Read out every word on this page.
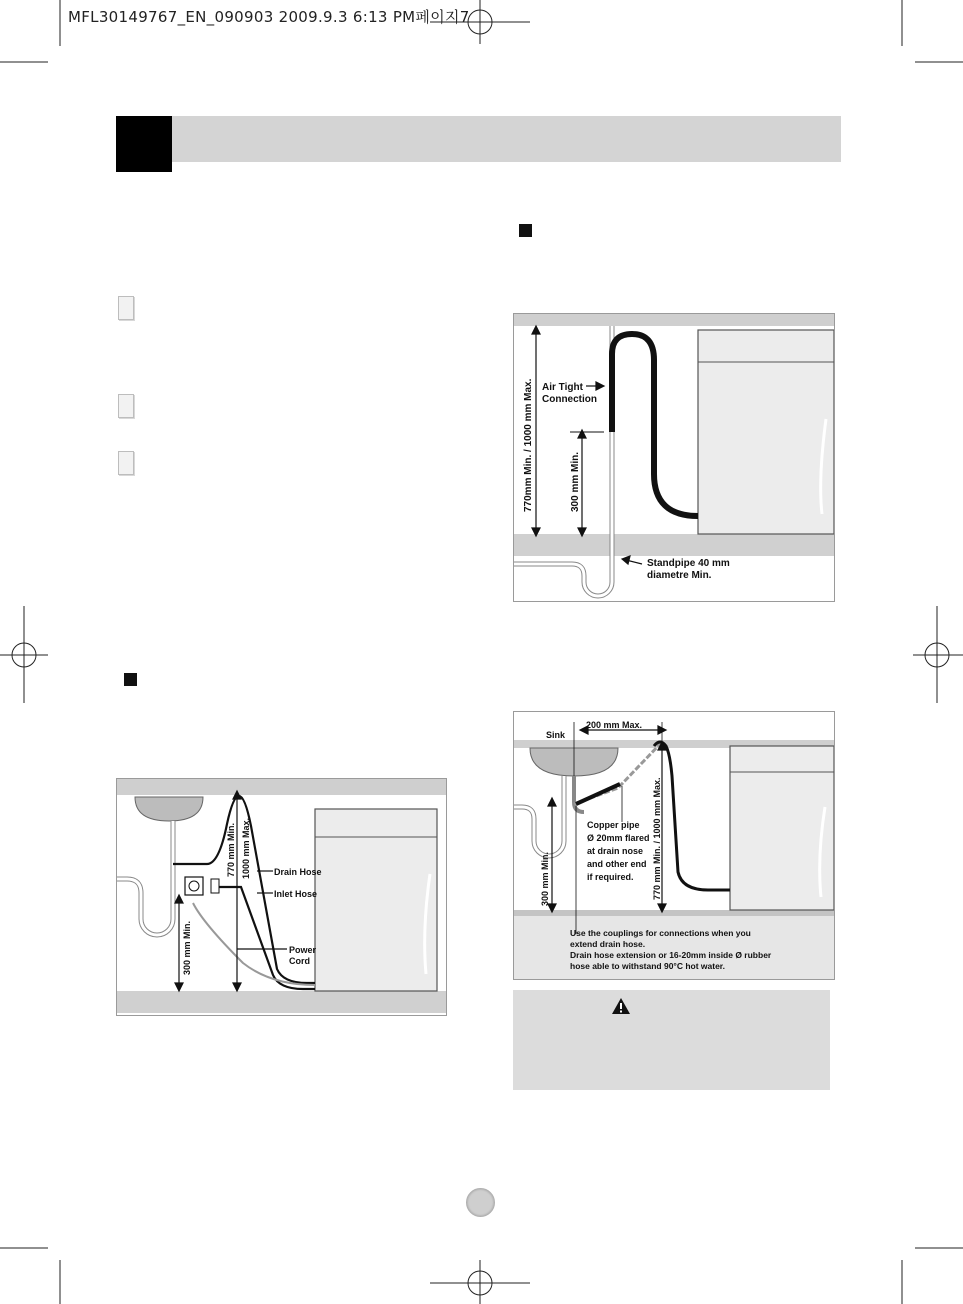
MFL30149767_EN_090903 2009.9.3 6:13 PM페이지7
770mm Min. / 1000 mm Max.	300 mm Min.
Air Tight
Connection
Standpipe 40 mm
diametre Min.
300 mm Min.
770 mm Min. 1000 mm Max.	Drain Hose
Inlet Hose
Power
Cord
Sink
200 mm Max.
300 mm Min.	770 mm Min. / 1000 mm Max.
Copper pipe
Ø 20mm flared
at drain nose
and other end
if required.
Use the couplings for connections when you
extend drain hose.
Drain hose extension or 16-20mm inside Ø rubber
hose able to withstand 90°C hot water.
